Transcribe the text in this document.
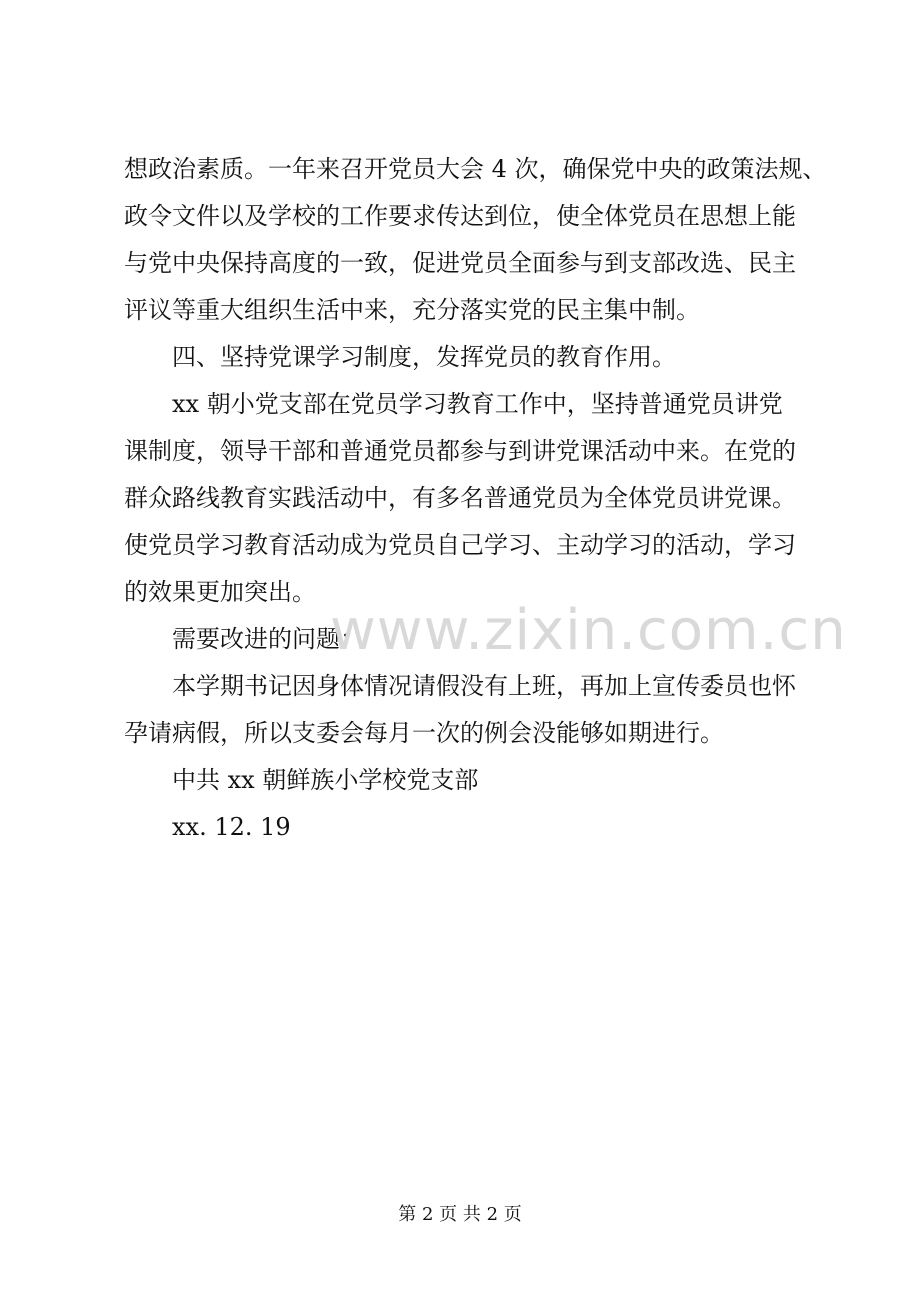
想政治素质。一年来召开党员大会 4 次，确保党中央的政策法规、
政令文件以及学校的工作要求传达到位，使全体党员在思想上能
与党中央保持高度的一致，促进党员全面参与到支部改选、民主
评议等重大组织生活中来，充分落实党的民主集中制。
四、坚持党课学习制度，发挥党员的教育作用。
xx 朝小党支部在党员学习教育工作中，坚持普通党员讲党
课制度，领导干部和普通党员都参与到讲党课活动中来。在党的
群众路线教育实践活动中，有多名普通党员为全体党员讲党课。
使党员学习教育活动成为党员自己学习、主动学习的活动，学习
的效果更加突出。
需要改进的问题：
本学期书记因身体情况请假没有上班，再加上宣传委员也怀
孕请病假，所以支委会每月一次的例会没能够如期进行。
中共 xx 朝鲜族小学校党支部
xx. 12. 19
www.zixin.com.cn
第 2 页 共 2 页
